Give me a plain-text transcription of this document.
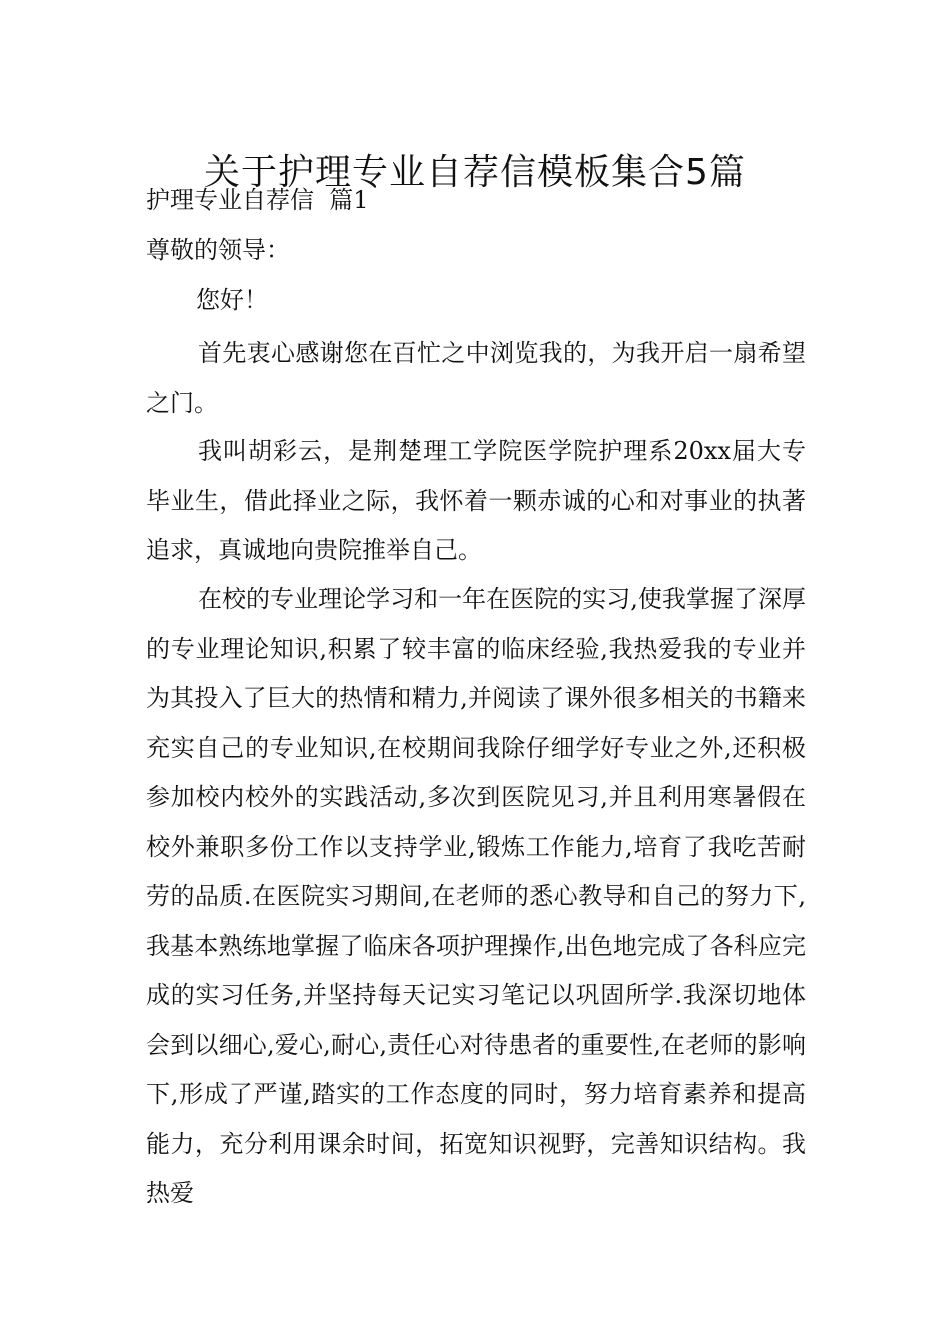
关于护理专业自荐信模板集合5篇
护理专业自荐信  篇1
尊敬的领导：
您好！

首先衷心感谢您在百忙之中浏览我的，为我开启一扇希望之门。

我叫胡彩云，是荆楚理工学院医学院护理系20xx届大专毕业生，借此择业之际，我怀着一颗赤诚的心和对事业的执著追求，真诚地向贵院推举自己。

在校的专业理论学习和一年在医院的实习,使我掌握了深厚的专业理论知识,积累了较丰富的临床经验,我热爱我的专业并为其投入了巨大的热情和精力,并阅读了课外很多相关的书籍来充实自己的专业知识,在校期间我除仔细学好专业之外,还积极参加校内校外的实践活动,多次到医院见习,并且利用寒暑假在校外兼职多份工作以支持学业,锻炼工作能力,培育了我吃苦耐劳的品质.在医院实习期间,在老师的悉心教导和自己的努力下,我基本熟练地掌握了临床各项护理操作,出色地完成了各科应完成的实习任务,并坚持每天记实习笔记以巩固所学.我深切地体会到以细心,爱心,耐心,责任心对待患者的重要性,在老师的影响下,形成了严谨,踏实的工作态度的同时，努力培育素养和提高能力，充分利用课余时间，拓宽知识视野，完善知识结构。我热爱
